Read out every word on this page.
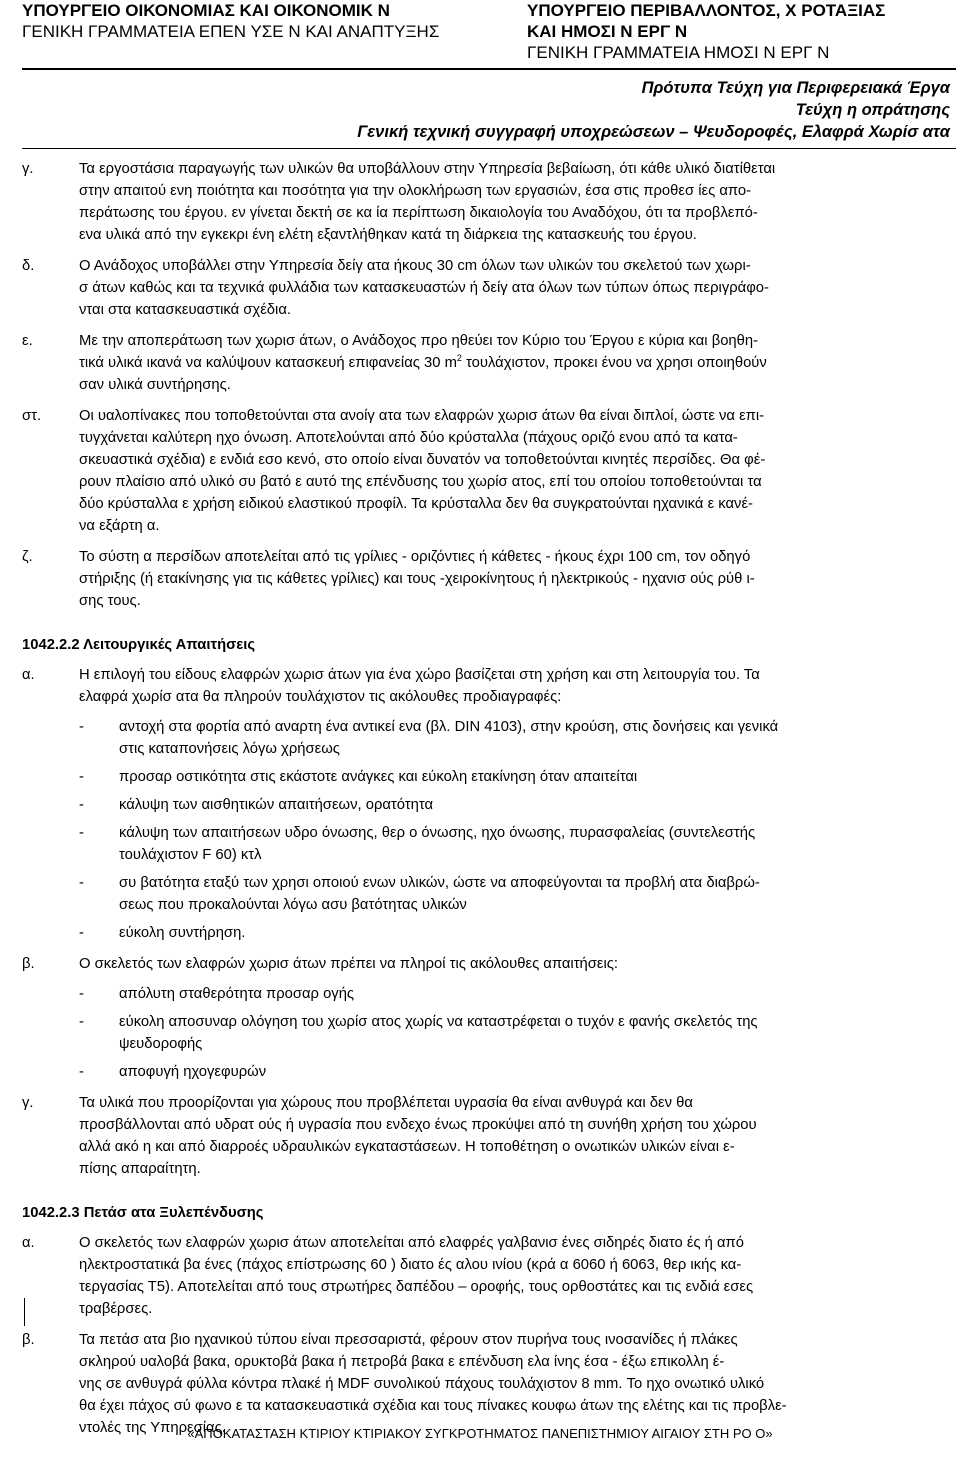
ΥΠΟΥΡΓΕΙΟ ΟΙΚΟΝΟΜΙΑΣ ΚΑΙ ΟΙΚΟΝΟΜΙΚ Ν
ΓΕΝΙΚΗ ΓΡΑΜΜΑΤΕΙΑ ΕΠΕΝ ΥΣΕ Ν ΚΑΙ ΑΝΑΠΤΥΞΗΣ
ΥΠΟΥΡΓΕΙΟ ΠΕΡΙΒΑΛΛΟΝΤΟΣ, Χ ΡΟΤΑΞΙΑΣ
ΚΑΙ ΗΜΟΣΙ Ν ΕΡΓ Ν
ΓΕΝΙΚΗ ΓΡΑΜΜΑΤΕΙΑ ΗΜΟΣΙ Ν ΕΡΓ Ν
Πρότυπα Τεύχη για Περιφερειακά Έργα
Τεύχη η οπράτησης
Γενική τεχνική συγγραφή υποχρεώσεων – Ψευδοροφές, Ελαφρά Χωρίσ ατα
γ.	Τα εργοστάσια παραγωγής των υλικών θα υποβάλλουν στην Υπηρεσία βεβαίωση, ότι κάθε υλικό διατίθεται

στην απαιτού ενη ποιότητα και ποσότητα για την ολοκλήρωση των εργασιών, έσα στις προθεσ ίες απο-

περάτωσης του έργου. εν γίνεται δεκτή σε κα ία περίπτωση δικαιολογία του Αναδόχου, ότι τα προβλεπό-

ενα υλικά από την εγκεκρι ένη ελέτη εξαντλήθηκαν κατά τη διάρκεια της κατασκευής του έργου.

δ.	Ο Ανάδοχος υποβάλλει στην Υπηρεσία δείγ ατα ήκους 30 cm όλων των υλικών του σκελετού των χωρι-

σ άτων καθώς και τα τεχνικά φυλλάδια των κατασκευαστών ή δείγ ατα όλων των τύπων όπως περιγράφο-

νται στα κατασκευαστικά σχέδια.

ε.	Με την αποπεράτωση των χωρισ άτων, ο Ανάδοχος προ ηθεύει τον Κύριο του Έργου ε κύρια και βοηθη-

τικά υλικά ικανά να καλύψουν κατασκευή επιφανείας 30 $m^2$ τουλάχιστον, προκει ένου να χρησι οποιηθούν

σαν υλικά συντήρησης.

στ.	Οι υαλοπίνακες που τοποθετούνται στα ανοίγ ατα των ελαφρών χωρισ άτων θα είναι διπλοί, ώστε να επι-

τυγχάνεται καλύτερη ηχο όνωση. Αποτελούνται από δύο κρύσταλλα (πάχους οριζό ενου από τα κατα-

σκευαστικά σχέδια) ε ενδιά εσο κενό, στο οποίο είναι δυνατόν να τοποθετούνται κινητές περσίδες. Θα φέ-

ρουν πλαίσιο από υλικό συ βατό ε αυτό της επένδυσης του χωρίσ ατος, επί του οποίου τοποθετούνται τα

δύο κρύσταλλα ε χρήση ειδικού ελαστικού προφίλ. Τα κρύσταλλα δεν θα συγκρατούνται ηχανικά ε κανέ-

να εξάρτη α.

ζ.	Το σύστη α περσίδων αποτελείται από τις γρίλιες - οριζόντιες ή κάθετες - ήκους έχρι 100 cm, τον οδηγό

στήριξης (ή ετακίνησης για τις κάθετες γρίλιες) και τους -χειροκίνητους ή ηλεκτρικούς - ηχανισ ούς ρύθ ι-

σης τους.

1042.2.2 Λειτουργικές Απαιτήσεις

α.	Η επιλογή του είδους ελαφρών χωρισ άτων για ένα χώρο βασίζεται στη χρήση και στη λειτουργία του. Τα

ελαφρά χωρίσ ατα θα πληρούν τουλάχιστον τις ακόλουθες προδιαγραφές:

- αντοχή στα φορτία από αναρτη ένα αντικεί ενα (βλ. DIN 4103), στην κρούση, στις δονήσεις και γενικά

στις καταπονήσεις λόγω χρήσεως

- προσαρ οστικότητα στις εκάστοτε ανάγκες και εύκολη ετακίνηση όταν απαιτείται

- κάλυψη των αισθητικών απαιτήσεων, ορατότητα

- κάλυψη των απαιτήσεων υδρο όνωσης, θερ ο όνωσης, ηχο όνωσης, πυρασφαλείας (συντελεστής

τουλάχιστον F 60) κτλ

- συ βατότητα εταξύ των χρησι οποιού ενων υλικών, ώστε να αποφεύγονται τα προβλή ατα διαβρώ-

σεως που προκαλούνται λόγω ασυ βατότητας υλικών

- εύκολη συντήρηση.

β.	Ο σκελετός των ελαφρών χωρισ άτων πρέπει να πληροί τις ακόλουθες απαιτήσεις:

- απόλυτη σταθερότητα προσαρ ογής

- εύκολη αποσυναρ ολόγηση του χωρίσ ατος χωρίς να καταστρέφεται ο τυχόν ε φανής σκελετός της

ψευδοροφής

- αποφυγή ηχογεφυρών

γ.	Τα υλικά που προορίζονται για χώρους που προβλέπεται υγρασία θα είναι ανθυγρά και δεν θα

προσβάλλονται από υδρατ ούς ή υγρασία που ενδεχο ένως προκύψει από τη συνήθη χρήση του χώρου

αλλά ακό η και από διαρροές υδραυλικών εγκαταστάσεων. Η τοποθέτηση ο ονωτικών υλικών είναι ε-

πίσης απαραίτητη.

1042.2.3 Πετάσ ατα Ξυλεπένδυσης

α.	Ο σκελετός των ελαφρών χωρισ άτων αποτελείται από ελαφρές γαλβανισ ένες σιδηρές διατο ές ή από

ηλεκτροστατικά βα ένες (πάχος επίστρωσης 60 ) διατο ές αλου ινίου (κρά α 6060 ή 6063, θερ ικής κα-

τεργασίας Τ5). Αποτελείται από τους στρωτήρες δαπέδου – οροφής, τους ορθοστάτες και τις ενδιά εσες

τραβέρσες.

β.	Τα πετάσ ατα βιο ηχανικού τύπου είναι πρεσσαριστά, φέρουν στον πυρήνα τους ινοσανίδες ή πλάκες

σκληρού υαλοβά βακα, ορυκτοβά βακα ή πετροβά βακα ε επένδυση ελα ίνης έσα - έξω επικολλη έ-

νης σε ανθυγρά φύλλα κόντρα πλακέ ή MDF συνολικού πάχους τουλάχιστον 8 mm. Το ηχο ονωτικό υλικό

θα έχει πάχος σύ φωνο ε τα κατασκευαστικά σχέδια και τους πίνακες κουφω άτων της ελέτης και τις προβλε-

ντολές της Υπηρεσίας.

«ΑΠΟΚΑΤΑΣΤΑΣΗ ΚΤΙΡΙΟΥ ΚΤΙΡΙΑΚΟΥ ΣΥΓΚΡΟΤΗΜΑΤΟΣ ΠΑΝΕΠΙΣΤΗΜΙΟΥ ΑΙΓΑΙΟΥ ΣΤΗ ΡΟ Ο»
